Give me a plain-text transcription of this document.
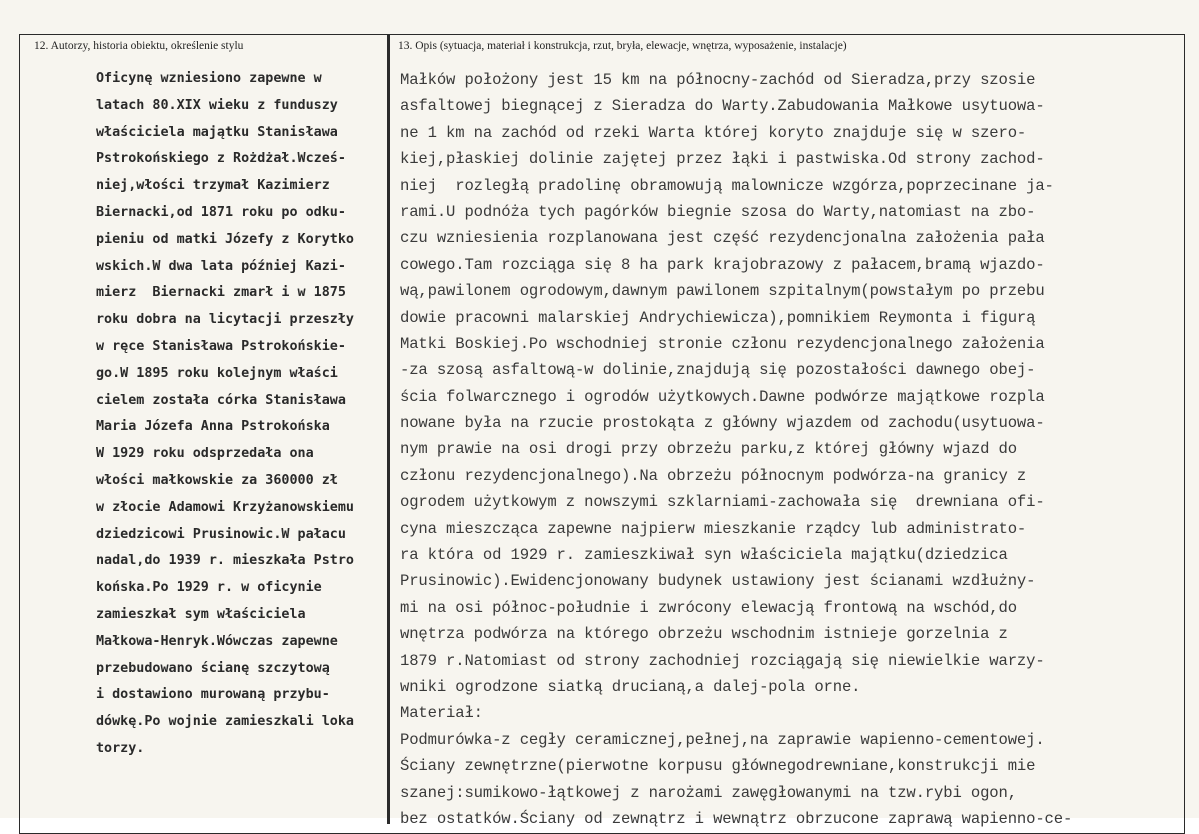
12. Autorzy, historia obiektu, określenie stylu	13. Opis (sytuacja, materiał i konstrukcja, rzut, bryła, elewacje, wnętrza, wyposażenie, instalacje)
Oficynę wzniesiono zapewne w
latach 80.XIX wieku z funduszy
właściciela majątku Stanisława
Pstrokońskiego z Rożdżał.Wcześ-
niej,włości trzymał Kazimierz
Biernacki,od 1871 roku po odku-
pieniu od matki Józefy z Korytko
wskich.W dwa lata później Kazi-
mierz  Biernacki zmarł i w 1875
roku dobra na licytacji przeszły
w ręce Stanisława Pstrokońskie-
go.W 1895 roku kolejnym właści
cielem została córka Stanisława
Maria Józefa Anna Pstrokońska
W 1929 roku odsprzedała ona
włości małkowskie za 360000 zł
w złocie Adamowi Krzyżanowskiemu
dziedzicowi Prusinowic.W pałacu
nadal,do 1939 r. mieszkała Pstro
końska.Po 1929 r. w oficynie
zamieszkał sym właściciela
Małkowa-Henryk.Wówczas zapewne
przebudowano ścianę szczytową
i dostawiono murowaną przybu-
dówkę.Po wojnie zamieszkali loka
torzy.
Małków położony jest 15 km na północny-zachód od Sieradza,przy szosie
asfaltowej biegnącej z Sieradza do Warty.Zabudowania Małkowe usytuowa-
ne 1 km na zachód od rzeki Warta której koryto znajduje się w szero-
kiej,płaskiej dolinie zajętej przez łąki i pastwiska.Od strony zachod-
niej  rozległą pradolinę obramowują malownicze wzgórza,poprzecinane ja-
rami.U podnóża tych pagórków biegnie szosa do Warty,natomiast na zbo-
czu wzniesienia rozplanowana jest część rezydencjonalna założenia pała
cowego.Tam rozciąga się 8 ha park krajobrazowy z pałacem,bramą wjazdo-
wą,pawilonem ogrodowym,dawnym pawilonem szpitalnym(powstałym po przebu
dowie pracowni malarskiej Andrychiewicza),pomnikiem Reymonta i figurą
Matki Boskiej.Po wschodniej stronie członu rezydencjonalnego założenia
-za szosą asfaltową-w dolinie,znajdują się pozostałości dawnego obej-
ścia folwarcznego i ogrodów użytkowych.Dawne podwórze majątkowe rozpla
nowane była na rzucie prostokąta z główny wjazdem od zachodu(usytuowa-
nym prawie na osi drogi przy obrzeżu parku,z której główny wjazd do
członu rezydencjonalnego).Na obrzeżu północnym podwórza-na granicy z
ogrodem użytkowym z nowszymi szklarniami-zachowała się  drewniana ofi-
cyna mieszcząca zapewne najpierw mieszkanie rządcy lub administrato-
ra która od 1929 r. zamieszkiwał syn właściciela majątku(dziedzica
Prusinowic).Ewidencjonowany budynek ustawiony jest ścianami wzdłużny-
mi na osi północ-południe i zwrócony elewacją frontową na wschód,do
wnętrza podwórza na którego obrzeżu wschodnim istnieje gorzelnia z
1879 r.Natomiast od strony zachodniej rozciągają się niewielkie warzy-
wniki ogrodzone siatką drucianą,a dalej-pola orne.
Materiał:
Podmurówka-z cegły ceramicznej,pełnej,na zaprawie wapienno-cementowej.
Ściany zewnętrzne(pierwotne korpusu głównegodrewniane,konstrukcji mie
szanej:sumikowo-łątkowej z narożami zawęgłowanymi na tzw.rybi ogon,
bez ostatków.Ściany od zewnątrz i wewnątrz obrzucone zaprawą wapienno-ce-
